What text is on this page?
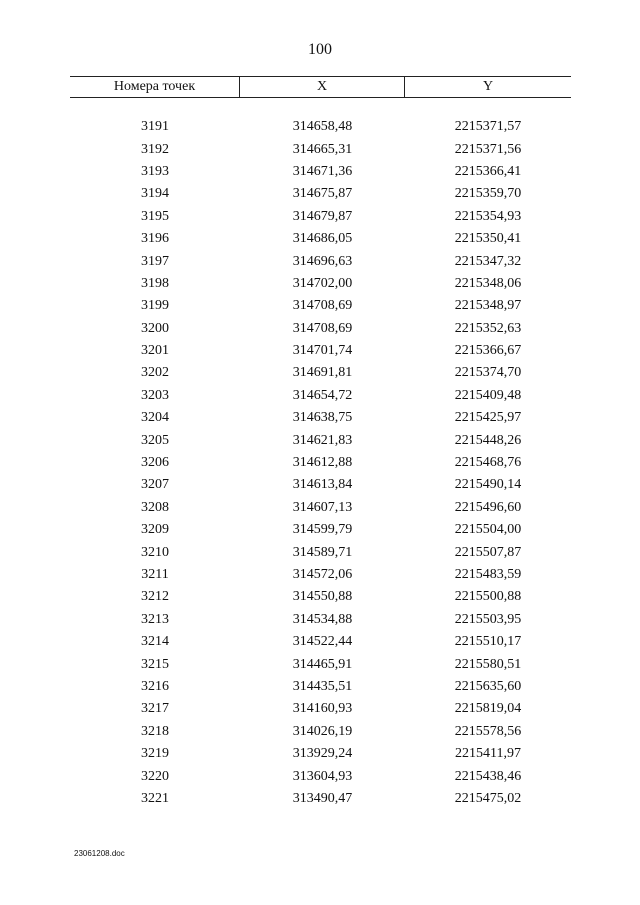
100
Номера точек	X	Y
3191	314658,48	2215371,57
3192	314665,31	2215371,56
3193	314671,36	2215366,41
3194	314675,87	2215359,70
3195	314679,87	2215354,93
3196	314686,05	2215350,41
3197	314696,63	2215347,32
3198	314702,00	2215348,06
3199	314708,69	2215348,97
3200	314708,69	2215352,63
3201	314701,74	2215366,67
3202	314691,81	2215374,70
3203	314654,72	2215409,48
3204	314638,75	2215425,97
3205	314621,83	2215448,26
3206	314612,88	2215468,76
3207	314613,84	2215490,14
3208	314607,13	2215496,60
3209	314599,79	2215504,00
3210	314589,71	2215507,87
3211	314572,06	2215483,59
3212	314550,88	2215500,88
3213	314534,88	2215503,95
3214	314522,44	2215510,17
3215	314465,91	2215580,51
3216	314435,51	2215635,60
3217	314160,93	2215819,04
3218	314026,19	2215578,56
3219	313929,24	2215411,97
3220	313604,93	2215438,46
3221	313490,47	2215475,02
23061208.doc
